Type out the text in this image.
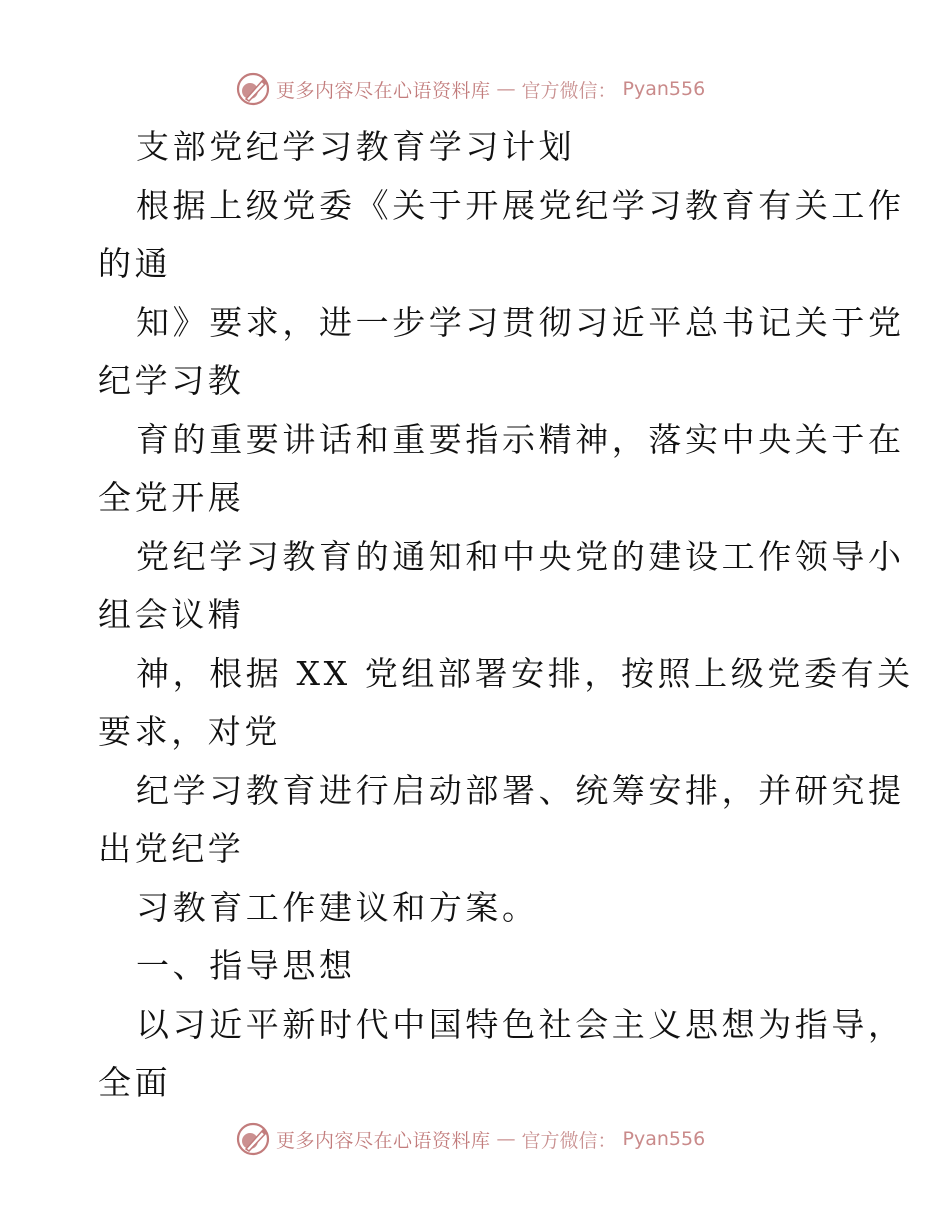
更多内容尽在心语资料库 — 官方微信： Pyan556
支部党纪学习教育学习计划
根据上级党委《关于开展党纪学习教育有关工作
的通
知》要求，进一步学习贯彻习近平总书记关于党
纪学习教
育的重要讲话和重要指示精神，落实中央关于在
全党开展
党纪学习教育的通知和中央党的建设工作领导小
组会议精
神，根据 XX 党组部署安排，按照上级党委有关
要求，对党
纪学习教育进行启动部署、统筹安排，并研究提
出党纪学
习教育工作建议和方案。
一、指导思想
以习近平新时代中国特色社会主义思想为指导，
全面
更多内容尽在心语资料库 — 官方微信： Pyan556
